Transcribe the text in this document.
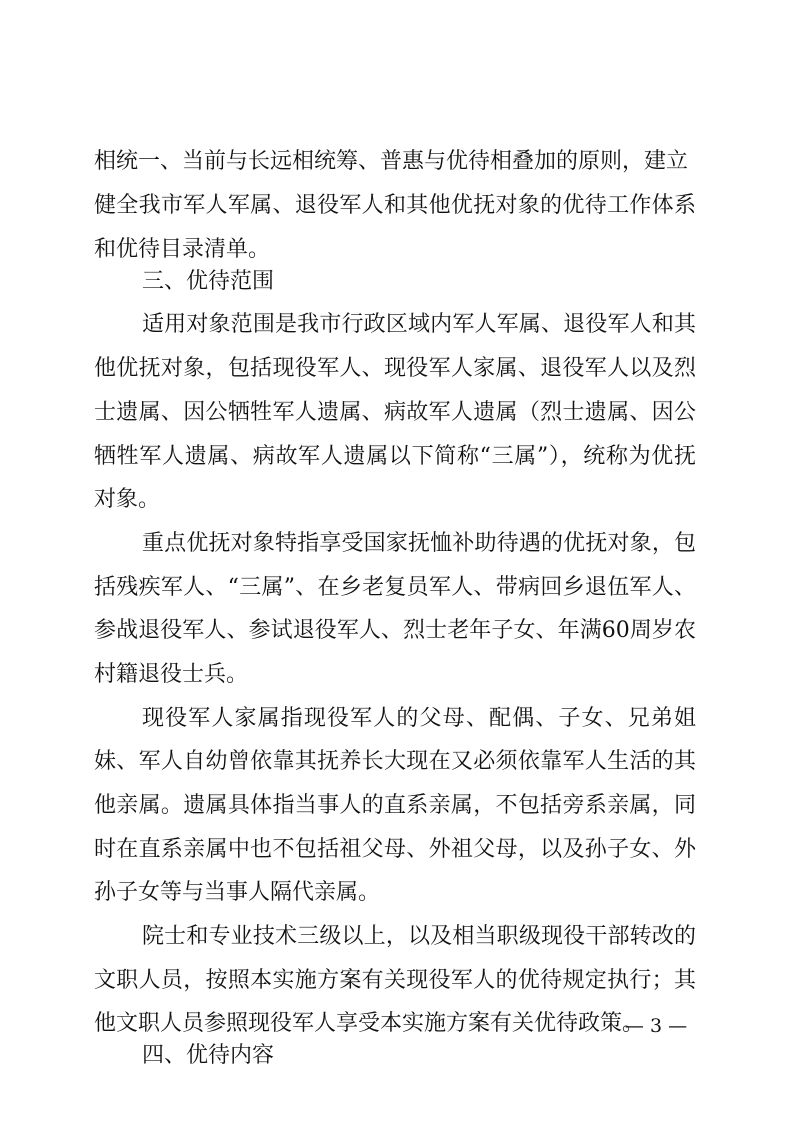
相统一、当前与长远相统筹、普惠与优待相叠加的原则，建立
健全我市军人军属、退役军人和其他优抚对象的优待工作体系
和优待目录清单。
三、优待范围
适用对象范围是我市行政区域内军人军属、退役军人和其
他优抚对象，包括现役军人、现役军人家属、退役军人以及烈
士遗属、因公牺牲军人遗属、病故军人遗属（烈士遗属、因公
牺牲军人遗属、病故军人遗属以下简称“三属”），统称为优抚
对象。
重点优抚对象特指享受国家抚恤补助待遇的优抚对象，包
括残疾军人、“三属”、在乡老复员军人、带病回乡退伍军人、
参战退役军人、参试退役军人、烈士老年子女、年满60周岁农
村籍退役士兵。
现役军人家属指现役军人的父母、配偶、子女、兄弟姐
妹、军人自幼曾依靠其抚养长大现在又必须依靠军人生活的其
他亲属。遗属具体指当事人的直系亲属，不包括旁系亲属，同
时在直系亲属中也不包括祖父母、外祖父母，以及孙子女、外
孙子女等与当事人隔代亲属。
院士和专业技术三级以上，以及相当职级现役干部转改的
文职人员，按照本实施方案有关现役军人的优待规定执行；其
他文职人员参照现役军人享受本实施方案有关优待政策。
四、优待内容
— 3 —
